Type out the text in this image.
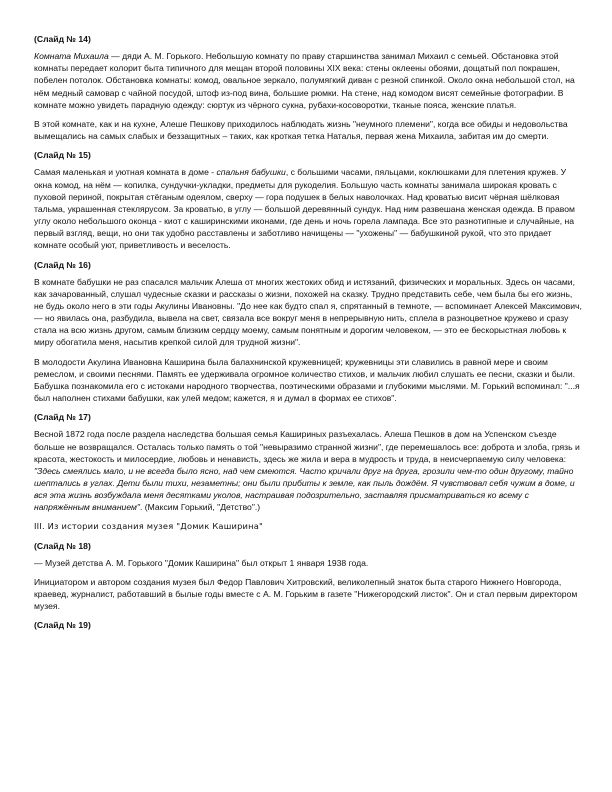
(Слайд № 14)

Комната Михаила — дяди А. М. Горького. Небольшую комнату по праву старшинства занимал Михаил с семьей. Обстановка этой комнаты передает колорит быта типичного для мещан второй половины XIX века: стены оклеены обоями, дощатый пол покрашен, побелен потолок. Обстановка комнаты: комод, овальное зеркало, полумягкий диван с резной спинкой. Около окна небольшой стол, на нём медный самовар с чайной посудой, штоф из-под вина, большие рюмки. На стене, над комодом висят семейные фотографии. В комнате можно увидеть парадную одежду: сюртук из чёрного сукна, рубахи-косоворотки, тканые пояса, женские платья.

В этой комнате, как и на кухне, Алеше Пешкову приходилось наблюдать жизнь "неумного племени", когда все обиды и недовольства вымещались на самых слабых и беззащитных – таких, как кроткая тетка Наталья, первая жена Михаила, забитая им до смерти.

(Слайд № 15)

Самая маленькая и уютная комната в доме - спальня бабушки, с большими часами, пяльцами, коклюшками для плетения кружев. У окна комод, на нём — копилка, сундучки-укладки, предметы для рукоделия. Большую часть комнаты занимала широкая кровать с пуховой периной, покрытая стёганым одеялом, сверху — гора подушек в белых наволочках. Над кроватью висит чёрная шёлковая тальма, украшенная стеклярусом. За кроватью, в углу — большой деревянный сундук. Над ним развешана женская одежда. В правом углу около небольшого оконца - киот с каширинскими иконами, где день и ночь горела лампада. Все это разнотипные и случайные, на первый взгляд, вещи, но они так удобно расставлены и заботливо начищены — "ухожены" — бабушкиной рукой, что это придает комнате особый уют, приветливость и веселость.

(Слайд № 16)

В комнате бабушки не раз спасался мальчик Алеша от многих жестоких обид и истязаний, физических и моральных. Здесь он часами, как зачарованный, слушал чудесные сказки и рассказы о жизни, похожей на сказку. Трудно представить себе, чем была бы его жизнь, не будь около него в эти годы Акулины Ивановны. "До нее как будто спал я, спрятанный в темноте, — вспоминает Алексей Максимович, — но явилась она, разбудила, вывела на свет, связала все вокруг меня в непрерывную нить, сплела в разноцветное кружево и сразу стала на всю жизнь другом, самым близким сердцу моему, самым понятным и дорогим человеком, — это ее бескорыстная любовь к миру обогатила меня, насытив крепкой силой для трудной жизни".

В молодости Акулина Ивановна Каширина была балахнинской кружевницей; кружевницы эти славились в равной мере и своим ремеслом, и своими песнями. Память ее удерживала огромное количество стихов, и мальчик любил слушать ее песни, сказки и были. Бабушка познакомила его с истоками народного творчества, поэтическими образами и глубокими мыслями. М. Горький вспоминал: "...я был наполнен стихами бабушки, как улей медом; кажется, я и думал в формах ее стихов".

(Слайд № 17)

Весной 1872 года после раздела наследства большая семья Кашириных разъехалась. Алеша Пешков в дом на Успенском съезде больше не возвращался. Осталась только память о той "невыразимо странной жизни", где перемешалось все: доброта и злоба, грязь и красота, жестокость и милосердие, любовь и ненависть, здесь же жила и вера в мудрость и труда, в неисчерпаемую силу человека: "Здесь смеялись мало, и не всегда было ясно, над чем смеются. Часто кричали друг на друга, грозили чем-то один другому, тайно шептались в углах. Дети были тихи, незаметны; они были прибиты к земле, как пыль дождём. Я чувствовал себя чужим в доме, и вся эта жизнь возбуждала меня десятками уколов, настраивая подозрительно, заставляя присматриваться ко всему с напряжённым вниманием". (Максим Горький, "Детство".)

III. Из истории создания музея "Домик Каширина"

(Слайд № 18)

— Музей детства А. М. Горького "Домик Каширина" был открыт 1 января 1938 года.

Инициатором и автором создания музея был Федор Павлович Хитровский, великолепный знаток быта старого Нижнего Новгорода, краевед, журналист, работавший в былые годы вместе с А. М. Горьким в газете "Нижегородский листок". Он и стал первым директором музея.

(Слайд № 19)
